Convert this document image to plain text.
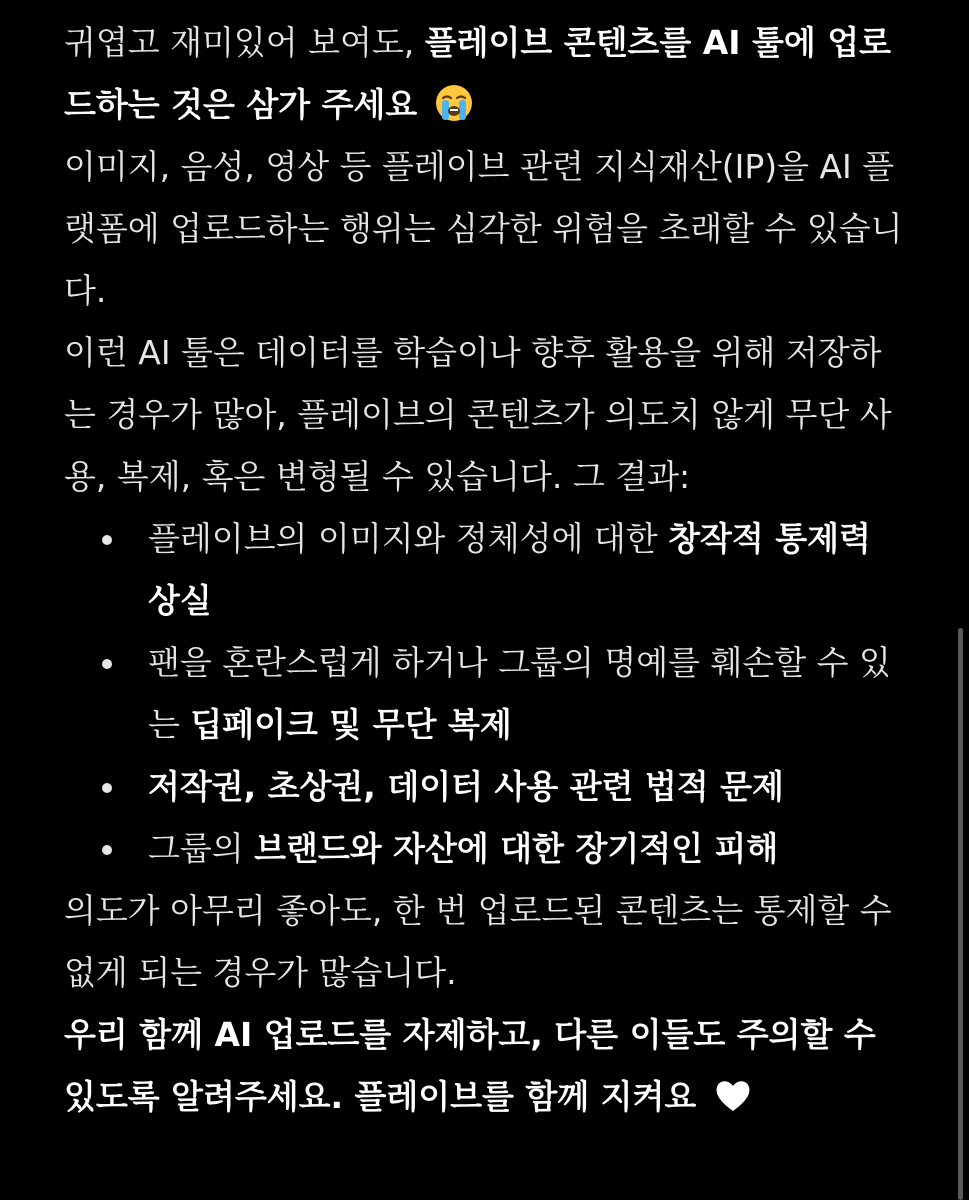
귀엽고 재미있어 보여도, 플레이브 콘텐츠를 AI 툴에 업로드하는 것은 삼가 주세요

이미지, 음성, 영상 등 플레이브 관련 지식재산(IP)을 AI 플랫폼에 업로드하는 행위는 심각한 위험을 초래할 수 있습니다.

이런 AI 툴은 데이터를 학습이나 향후 활용을 위해 저장하는 경우가 많아, 플레이브의 콘텐츠가 의도치 않게 무단 사용, 복제, 혹은 변형될 수 있습니다. 그 결과:

플레이브의 이미지와 정체성에 대한 창작적 통제력 상실
팬을 혼란스럽게 하거나 그룹의 명예를 훼손할 수 있는 딥페이크 및 무단 복제
저작권, 초상권, 데이터 사용 관련 법적 문제
그룹의 브랜드와 자산에 대한 장기적인 피해

의도가 아무리 좋아도, 한 번 업로드된 콘텐츠는 통제할 수 없게 되는 경우가 많습니다.

우리 함께 AI 업로드를 자제하고, 다른 이들도 주의할 수 있도록 알려주세요. 플레이브를 함께 지켜요
